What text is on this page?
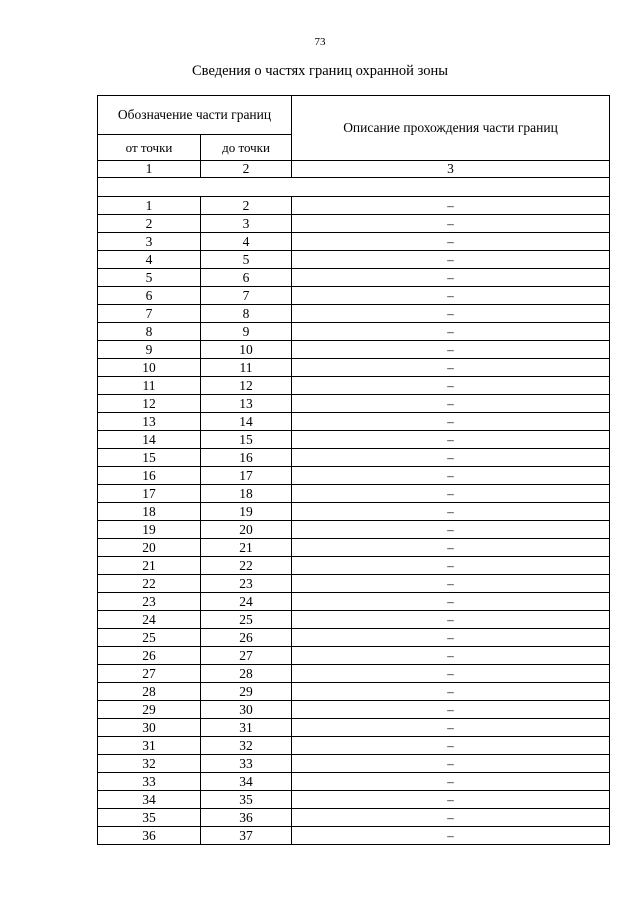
73
Сведения о частях границ охранной зоны
Обозначение части границ		Описание прохождения части границ
от точки	до точки	
1	2	3

1	2	–
2	3	–
3	4	–
4	5	–
5	6	–
6	7	–
7	8	–
8	9	–
9	10	–
10	11	–
11	12	–
12	13	–
13	14	–
14	15	–
15	16	–
16	17	–
17	18	–
18	19	–
19	20	–
20	21	–
21	22	–
22	23	–
23	24	–
24	25	–
25	26	–
26	27	–
27	28	–
28	29	–
29	30	–
30	31	–
31	32	–
32	33	–
33	34	–
34	35	–
35	36	–
36	37	–
